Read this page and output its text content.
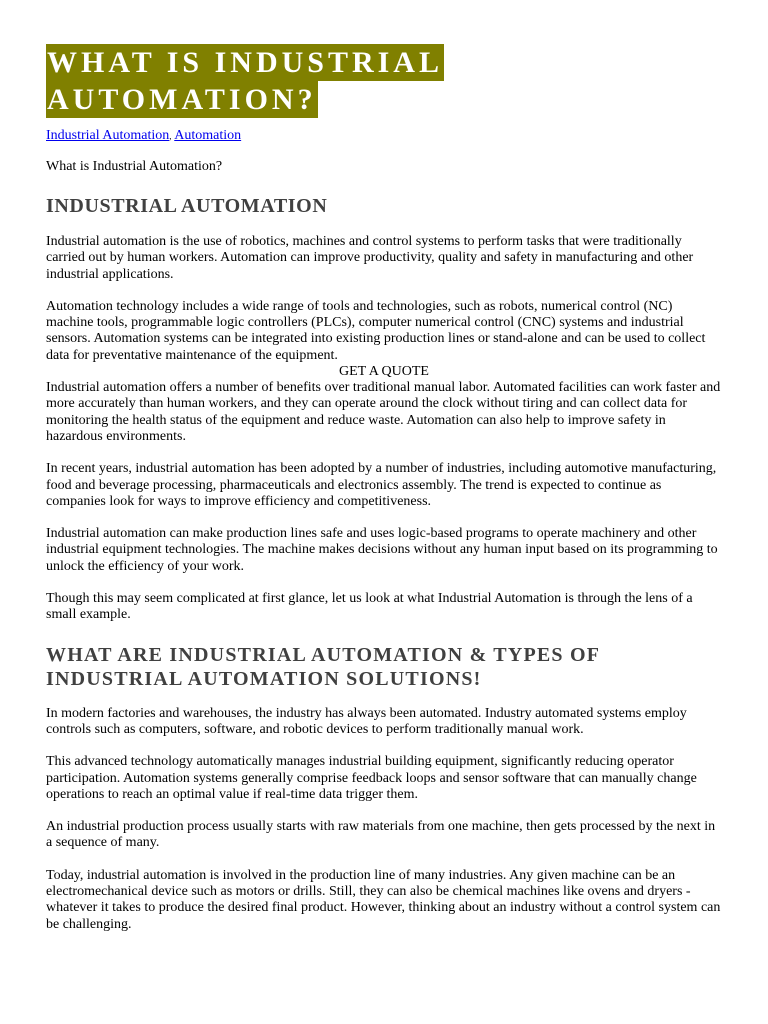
WHAT IS INDUSTRIAL
AUTOMATION?
Industrial Automation, Automation
What is Industrial Automation?
INDUSTRIAL AUTOMATION

Industrial automation is the use of robotics, machines and control systems to perform tasks that were traditionally carried out by human workers. Automation can improve productivity, quality and safety in manufacturing and other industrial applications.

Automation technology includes a wide range of tools and technologies, such as robots, numerical control (NC) machine tools, programmable logic controllers (PLCs), computer numerical control (CNC) systems and industrial sensors. Automation systems can be integrated into existing production lines or stand-alone and can be used to collect data for preventative maintenance of the equipment.

GET A QUOTE

Industrial automation offers a number of benefits over traditional manual labor. Automated facilities can work faster and more accurately than human workers, and they can operate around the clock without tiring and can collect data for monitoring the health status of the equipment and reduce waste. Automation can also help to improve safety in hazardous environments.

In recent years, industrial automation has been adopted by a number of industries, including automotive manufacturing, food and beverage processing, pharmaceuticals and electronics assembly. The trend is expected to continue as companies look for ways to improve efficiency and competitiveness.

Industrial automation can make production lines safe and uses logic-based programs to operate machinery and other industrial equipment technologies. The machine makes decisions without any human input based on its programming to unlock the efficiency of your work.

Though this may seem complicated at first glance, let us look at what Industrial Automation is through the lens of a small example.

WHAT ARE INDUSTRIAL AUTOMATION & TYPES OF INDUSTRIAL AUTOMATION SOLUTIONS!

In modern factories and warehouses, the industry has always been automated. Industry automated systems employ controls such as computers, software, and robotic devices to perform traditionally manual work.

This advanced technology automatically manages industrial building equipment, significantly reducing operator participation. Automation systems generally comprise feedback loops and sensor software that can manually change operations to reach an optimal value if real-time data trigger them.

An industrial production process usually starts with raw materials from one machine, then gets processed by the next in a sequence of many.

Today, industrial automation is involved in the production line of many industries. Any given machine can be an electromechanical device such as motors or drills. Still, they can also be chemical machines like ovens and dryers - whatever it takes to produce the desired final product. However, thinking about an industry without a control system can be challenging.
